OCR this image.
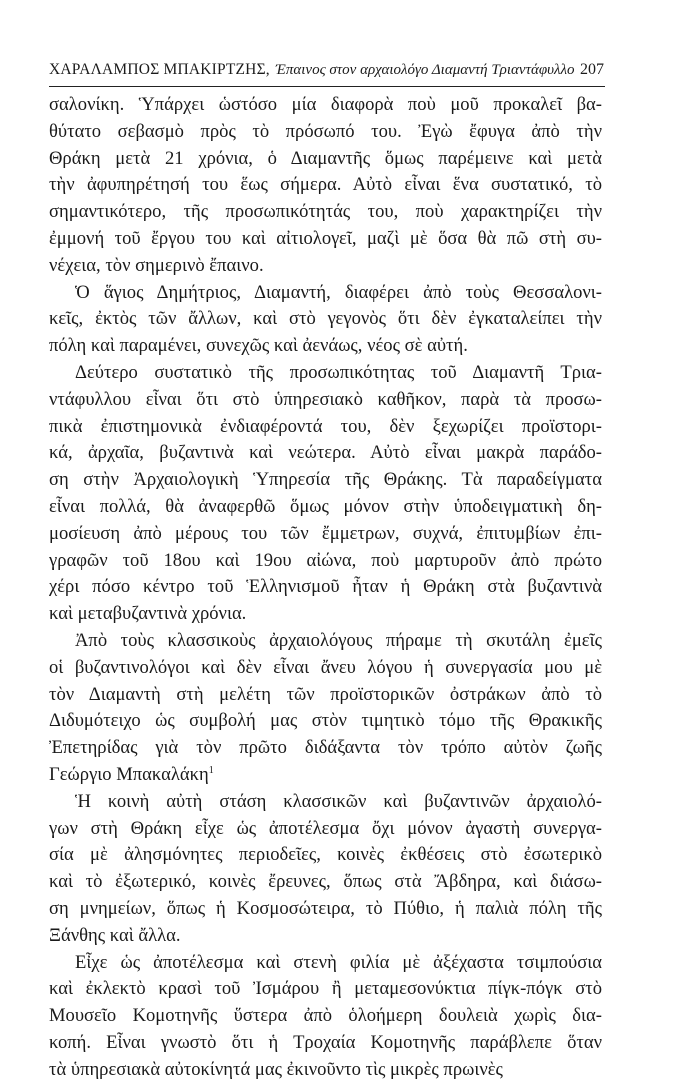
ΧΑΡΑΛΑΜΠΟΣ ΜΠΑΚΙΡΤΖΗΣ , Έπαινος στον αρχαιολόγο Διαμαντή Τριαντάφυλλο 207
σαλονίκη. Ὑπάρχει ὡστόσο μία διαφορὰ ποὺ μοῦ προκαλεῖ βα-
θύτατο σεβασμὸ πρὸς τὸ πρόσωπό του. Ἐγὼ ἔφυγα ἀπὸ τὴν
Θράκη μετὰ 21 χρόνια, ὁ Διαμαντῆς ὅμως παρέμεινε καὶ μετὰ
τὴν ἀφυπηρέτησή του ἕως σήμερα. Αὐτὸ εἶναι ἕνα συστατικό, τὸ
σημαντικότερο, τῆς προσωπικότητάς του, ποὺ χαρακτηρίζει τὴν
ἐμμονή τοῦ ἔργου του καὶ αἰτιολογεῖ, μαζὶ μὲ ὅσα θὰ πῶ στὴ συ-
νέχεια, τὸν σημερινὸ ἔπαινο.
Ὁ ἅγιος Δημήτριος, Διαμαντή, διαφέρει ἀπὸ τοὺς Θεσσαλονι-
κεῖς, ἐκτὸς τῶν ἄλλων, καὶ στὸ γεγονὸς ὅτι δὲν ἐγκαταλείπει τὴν
πόλη καὶ παραμένει, συνεχῶς καὶ ἀενάως, νέος σὲ αὐτή.
Δεύτερο συστατικὸ τῆς προσωπικότητας τοῦ Διαμαντῆ Τρια-
ντάφυλλου εἶναι ὅτι στὸ ὑπηρεσιακὸ καθῆκον, παρὰ τὰ προσω-
πικὰ ἐπιστημονικὰ ἐνδιαφέροντά του, δὲν ξεχωρίζει προϊστορι-
κά, ἀρχαῖα, βυζαντινὰ καὶ νεώτερα. Αὐτὸ εἶναι μακρὰ παράδο-
ση στὴν Ἀρχαιολογικὴ Ὑπηρεσία τῆς Θράκης. Τὰ παραδείγματα
εἶναι πολλά, θὰ ἀναφερθῶ ὅμως μόνον στὴν ὑποδειγματικὴ δη-
μοσίευση ἀπὸ μέρους του τῶν ἔμμετρων, συχνά, ἐπιτυμβίων ἐπι-
γραφῶν τοῦ 18ου καὶ 19ου αἰώνα, ποὺ μαρτυροῦν ἀπὸ πρώτο
χέρι πόσο κέντρο τοῦ Ἑλληνισμοῦ ἦταν ἡ Θράκη στὰ βυζαντινὰ
καὶ μεταβυζαντινὰ χρόνια.
Ἀπὸ τοὺς κλασσικοὺς ἀρχαιολόγους πήραμε τὴ σκυτάλη ἐμεῖς
οἱ βυζαντινολόγοι καὶ δὲν εἶναι ἄνευ λόγου ἡ συνεργασία μου μὲ
τὸν Διαμαντὴ στὴ μελέτη τῶν προϊστορικῶν ὀστράκων ἀπὸ τὸ
Διδυμότειχο ὡς συμβολή μας στὸν τιμητικὸ τόμο τῆς Θρακικῆς
Ἐπετηρίδας γιὰ τὸν πρῶτο διδάξαντα τὸν τρόπο αὐτὸν ζωῆς
Γεώργιο Μπακαλάκη$^1$
Ἡ κοινὴ αὐτὴ στάση κλασσικῶν καὶ βυζαντινῶν ἀρχαιολό-
γων στὴ Θράκη εἶχε ὡς ἀποτέλεσμα ὄχι μόνον ἀγαστὴ συνεργα-
σία μὲ ἀλησμόνητες περιοδεῖες, κοινὲς ἐκθέσεις στὸ ἐσωτερικὸ
καὶ τὸ ἐξωτερικό, κοινὲς ἔρευνες, ὅπως στὰ Ἄβδηρα, καὶ διάσω-
ση μνημείων, ὅπως ἡ Κοσμοσώτειρα, τὸ Πύθιο, ἡ παλιὰ πόλη τῆς
Ξάνθης καὶ ἄλλα.
Εἶχε ὡς ἀποτέλεσμα καὶ στενὴ φιλία μὲ ἀξέχαστα τσιμπούσια
καὶ ἐκλεκτὸ κρασὶ τοῦ Ἰσμάρου ἢ μεταμεσονύκτια πίγκ-πόγκ στὸ
Μουσεῖο Κομοτηνῆς ὕστερα ἀπὸ ὁλοήμερη δουλειὰ χωρὶς δια-
κοπή. Εἶναι γνωστὸ ὅτι ἡ Τροχαία Κομοτηνῆς παράβλεπε ὅταν
τὰ ὑπηρεσιακὰ αὐτοκίνητά μας ἐκινοῦντο τὶς μικρὲς πρωινὲς
